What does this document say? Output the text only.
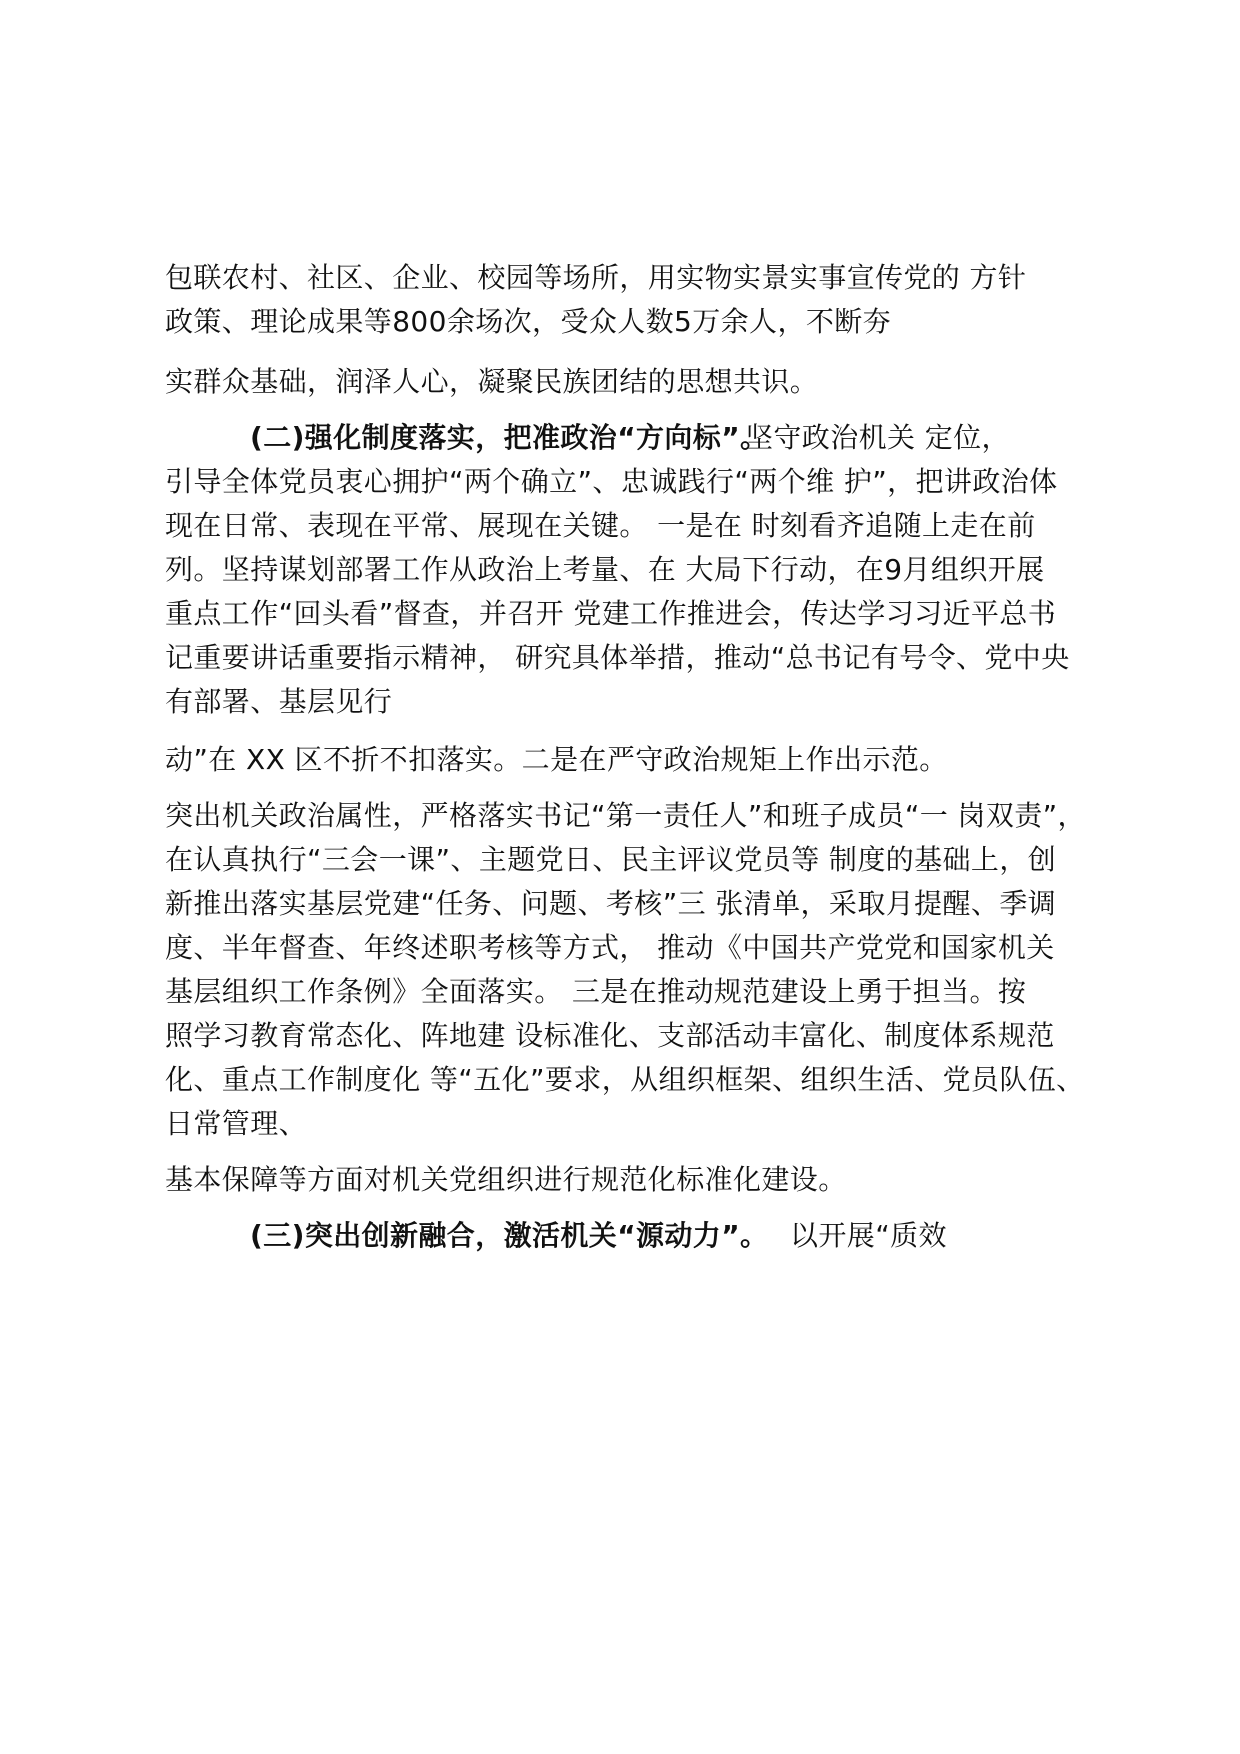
包联农村、社区、企业、校园等场所，用实物实景实事宣传党的 方针
政策、理论成果等800余场次，受众人数5万余人，不断夯
实群众基础，润泽人心，凝聚民族团结的思想共识。
(二)强化制度落实，把准政治“方向标”。
坚守政治机关 定位，
引导全体党员衷心拥护“两个确立”、忠诚践行“两个维 护”，把讲政治体
现在日常、表现在平常、展现在关键。 一是在 时刻看齐追随上走在前
列。坚持谋划部署工作从政治上考量、在 大局下行动，在9月组织开展
重点工作“回头看”督查，并召开 党建工作推进会，传达学习习近平总书
记重要讲话重要指示精神， 研究具体举措，推动“总书记有号令、党中央
有部署、基层见行
动”在 XX 区不折不扣落实。二是在严守政治规矩上作出示范。
突出机关政治属性，严格落实书记“第一责任人”和班子成员“一 岗双责”，
在认真执行“三会一课”、主题党日、民主评议党员等 制度的基础上，创
新推出落实基层党建“任务、问题、考核”三 张清单，采取月提醒、季调
度、半年督查、年终述职考核等方式， 推动《中国共产党党和国家机关
基层组织工作条例》全面落实。 三是在推动规范建设上勇于担当。按
照学习教育常态化、阵地建 设标准化、支部活动丰富化、制度体系规范
化、重点工作制度化 等“五化”要求，从组织框架、组织生活、党员队伍、
日常管理、
基本保障等方面对机关党组织进行规范化标准化建设。
(三)突出创新融合，激活机关“源动力”。 以开展“质效
